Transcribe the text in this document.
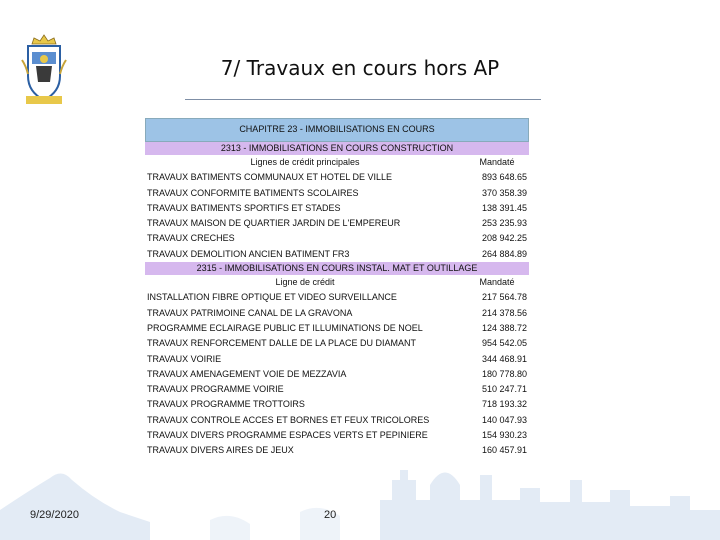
7/ Travaux en cours hors AP
CHAPITRE 23 - IMMOBILISATIONS EN COURS
2313 - IMMOBILISATIONS EN COURS CONSTRUCTION
Lignes de crédit principales	Mandaté
TRAVAUX BATIMENTS COMMUNAUX ET HOTEL DE VILLE	893 648.65
TRAVAUX CONFORMITE BATIMENTS SCOLAIRES	370 358.39
TRAVAUX BATIMENTS SPORTIFS ET STADES	138 391.45
TRAVAUX MAISON DE QUARTIER JARDIN DE L'EMPEREUR	253 235.93
TRAVAUX CRECHES	208 942.25
TRAVAUX DEMOLITION ANCIEN BATIMENT FR3	264 884.89
2315 - IMMOBILISATIONS EN COURS INSTAL. MAT ET OUTILLAGE
Ligne de crédit	Mandaté
INSTALLATION FIBRE OPTIQUE ET VIDEO SURVEILLANCE	217 564.78
TRAVAUX PATRIMOINE CANAL DE LA GRAVONA	214 378.56
PROGRAMME ECLAIRAGE PUBLIC ET ILLUMINATIONS DE NOEL	124 388.72
TRAVAUX RENFORCEMENT DALLE DE LA PLACE DU DIAMANT	954 542.05
TRAVAUX VOIRIE	344 468.91
TRAVAUX AMENAGEMENT VOIE DE MEZZAVIA	180 778.80
TRAVAUX PROGRAMME VOIRIE	510 247.71
TRAVAUX PROGRAMME TROTTOIRS	718 193.32
TRAVAUX CONTROLE ACCES ET BORNES ET FEUX TRICOLORES	140 047.93
TRAVAUX DIVERS PROGRAMME ESPACES VERTS ET PEPINIERE	154 930.23
TRAVAUX DIVERS AIRES DE JEUX	160 457.91
9/29/2020	20
